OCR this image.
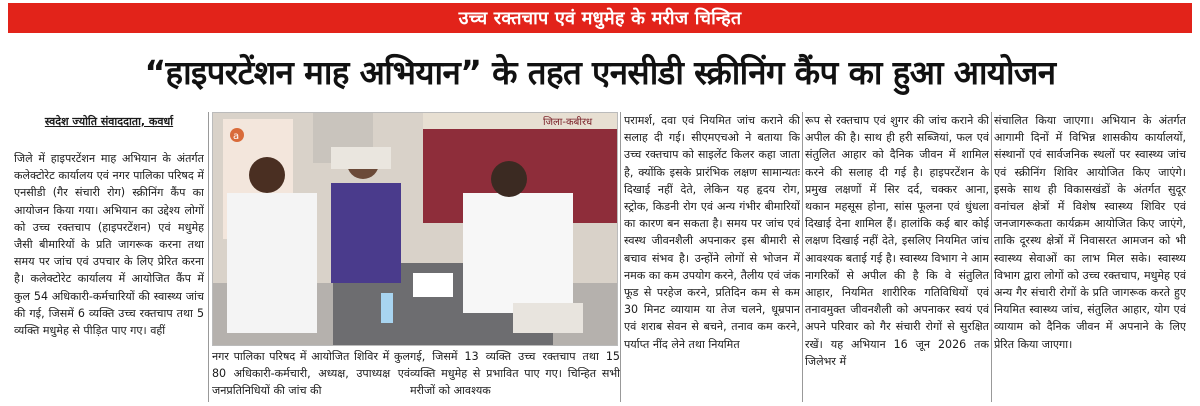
उच्च रक्तचाप एवं मधुमेह के मरीज चिन्हित
“हाइपरटेंशन माह अभियान” के तहत एनसीडी स्क्रीनिंग कैंप का हुआ आयोजन
स्वदेश ज्योति संवाददाता, कवर्धा

जिले में हाइपरटेंशन माह अभियान के अंतर्गत कलेक्टोरेट कार्यालय एवं नगर पालिका परिषद में एनसीडी (गैर संचारी रोग) स्क्रीनिंग कैंप का आयोजन किया गया। अभियान का उद्देश्य लोगों को उच्च रक्तचाप (हाइपरटेंशन) एवं मधुमेह जैसी बीमारियों के प्रति जागरूक करना तथा समय पर जांच एवं उपचार के लिए प्रेरित करना है। कलेक्टोरेट कार्यालय में आयोजित कैंप में कुल 54 अधिकारी-कर्मचारियों की स्वास्थ्य जांच की गई, जिसमें 6 व्यक्ति उच्च रक्तचाप तथा 5 व्यक्ति मधुमेह से पीड़ित पाए गए। वहीं

जिला-कबीरध
a

नगर पालिका परिषद में आयोजित शिविर में कुल 80 अधिकारी-कर्मचारी, अध्यक्ष, उपाध्यक्ष एवं जनप्रतिनिधियों की जांच की

गई, जिसमें 13 व्यक्ति उच्च रक्तचाप तथा 15 व्यक्ति मधुमेह से प्रभावित पाए गए। चिन्हित सभी मरीजों को आवश्यक

परामर्श, दवा एवं नियमित जांच कराने की सलाह दी गई। सीएमएचओ ने बताया कि उच्च रक्तचाप को साइलेंट किलर कहा जाता है, क्योंकि इसके प्रारंभिक लक्षण सामान्यतः दिखाई नहीं देते, लेकिन यह हृदय रोग, स्ट्रोक, किडनी रोग एवं अन्य गंभीर बीमारियों का कारण बन सकता है। समय पर जांच एवं स्वस्थ जीवनशैली अपनाकर इस बीमारी से बचाव संभव है। उन्होंने लोगों से भोजन में नमक का कम उपयोग करने, तैलीय एवं जंक फूड से परहेज करने, प्रतिदिन कम से कम 30 मिनट व्यायाम या तेज चलने, धूम्रपान एवं शराब सेवन से बचने, तनाव कम करने, पर्याप्त नींद लेने तथा नियमित

रूप से रक्तचाप एवं शुगर की जांच कराने की अपील की है। साथ ही हरी सब्जियां, फल एवं संतुलित आहार को दैनिक जीवन में शामिल करने की सलाह दी गई है। हाइपरटेंशन के प्रमुख लक्षणों में सिर दर्द, चक्कर आना, थकान महसूस होना, सांस फूलना एवं धुंधला दिखाई देना शामिल हैं। हालांकि कई बार कोई लक्षण दिखाई नहीं देते, इसलिए नियमित जांच आवश्यक बताई गई है। स्वास्थ्य विभाग ने आम नागरिकों से अपील की है कि वे संतुलित आहार, नियमित शारीरिक गतिविधियों एवं तनावमुक्त जीवनशैली को अपनाकर स्वयं एवं अपने परिवार को गैर संचारी रोगों से सुरक्षित रखें। यह अभियान 16 जून 2026 तक जिलेभर में

संचालित किया जाएगा। अभियान के अंतर्गत आगामी दिनों में विभिन्न शासकीय कार्यालयों, संस्थानों एवं सार्वजनिक स्थलों पर स्वास्थ्य जांच एवं स्क्रीनिंग शिविर आयोजित किए जाएंगे। इसके साथ ही विकासखंडों के अंतर्गत सुदूर वनांचल क्षेत्रों में विशेष स्वास्थ्य शिविर एवं जनजागरूकता कार्यक्रम आयोजित किए जाएंगे, ताकि दूरस्थ क्षेत्रों में निवासरत आमजन को भी स्वास्थ्य सेवाओं का लाभ मिल सके। स्वास्थ्य विभाग द्वारा लोगों को उच्च रक्तचाप, मधुमेह एवं अन्य गैर संचारी रोगों के प्रति जागरूक करते हुए नियमित स्वास्थ्य जांच, संतुलित आहार, योग एवं व्यायाम को दैनिक जीवन में अपनाने के लिए प्रेरित किया जाएगा।
